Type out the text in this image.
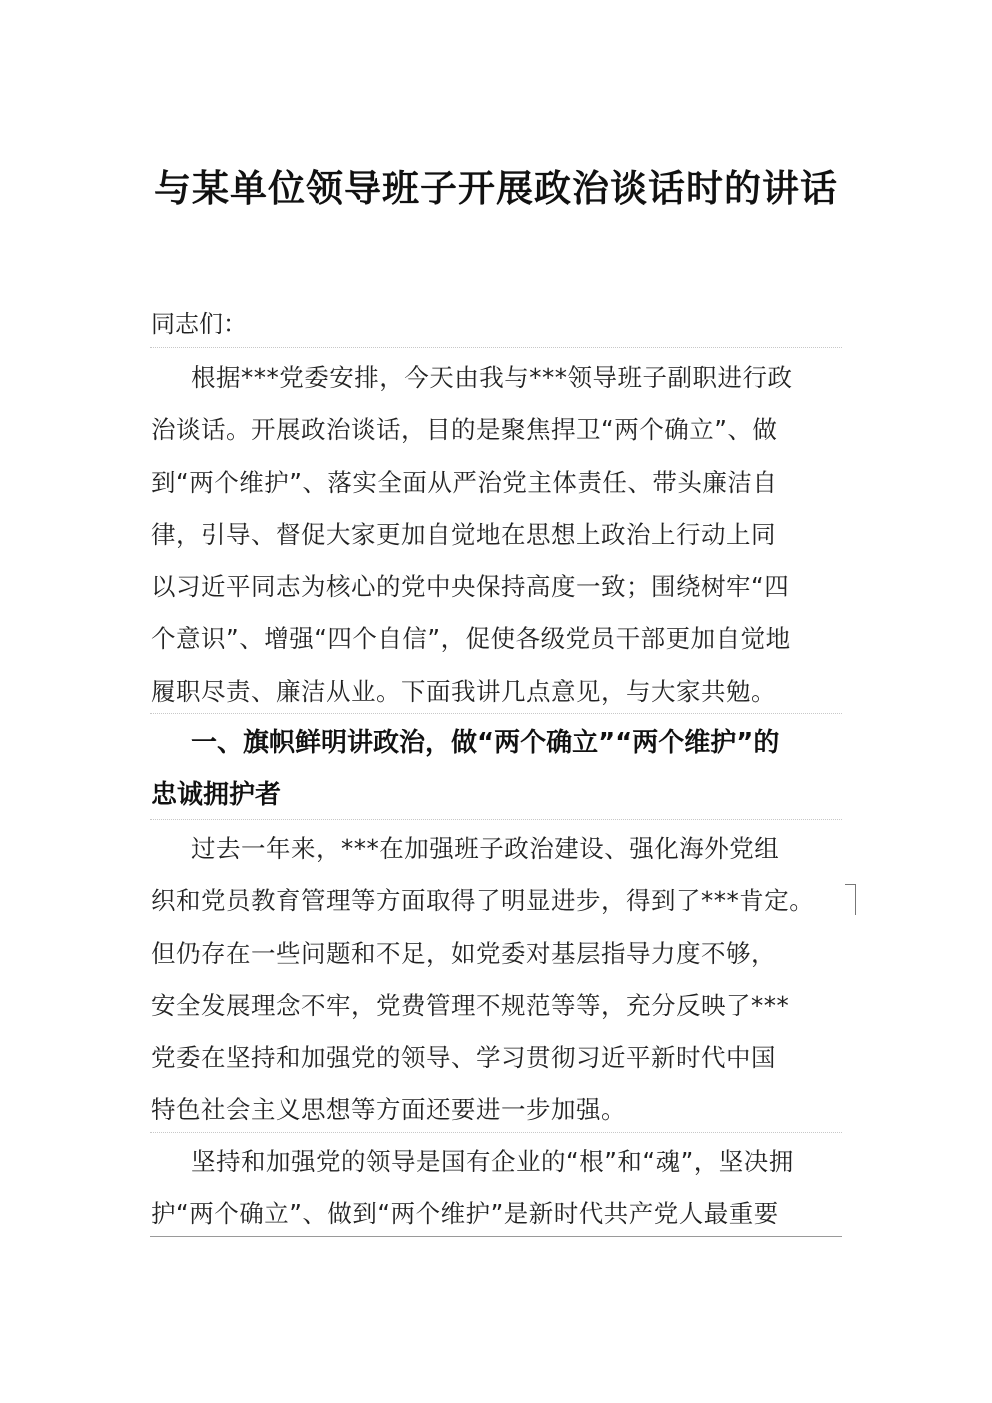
与某单位领导班子开展政治谈话时的讲话
同志们：
根据***党委安排，今天由我与***领导班子副职进行政
治谈话。开展政治谈话，目的是聚焦捍卫“两个确立”、做
到“两个维护”、落实全面从严治党主体责任、带头廉洁自
律，引导、督促大家更加自觉地在思想上政治上行动上同
以习近平同志为核心的党中央保持高度一致；围绕树牢“四
个意识”、增强“四个自信”，促使各级党员干部更加自觉地
履职尽责、廉洁从业。下面我讲几点意见，与大家共勉。
一、旗帜鲜明讲政治，做“两个确立”“两个维护”的
忠诚拥护者
过去一年来，***在加强班子政治建设、强化海外党组
织和党员教育管理等方面取得了明显进步，得到了***肯定。
但仍存在一些问题和不足，如党委对基层指导力度不够，
安全发展理念不牢，党费管理不规范等等，充分反映了***
党委在坚持和加强党的领导、学习贯彻习近平新时代中国
特色社会主义思想等方面还要进一步加强。
坚持和加强党的领导是国有企业的“根”和“魂”，坚决拥
护“两个确立”、做到“两个维护”是新时代共产党人最重要
